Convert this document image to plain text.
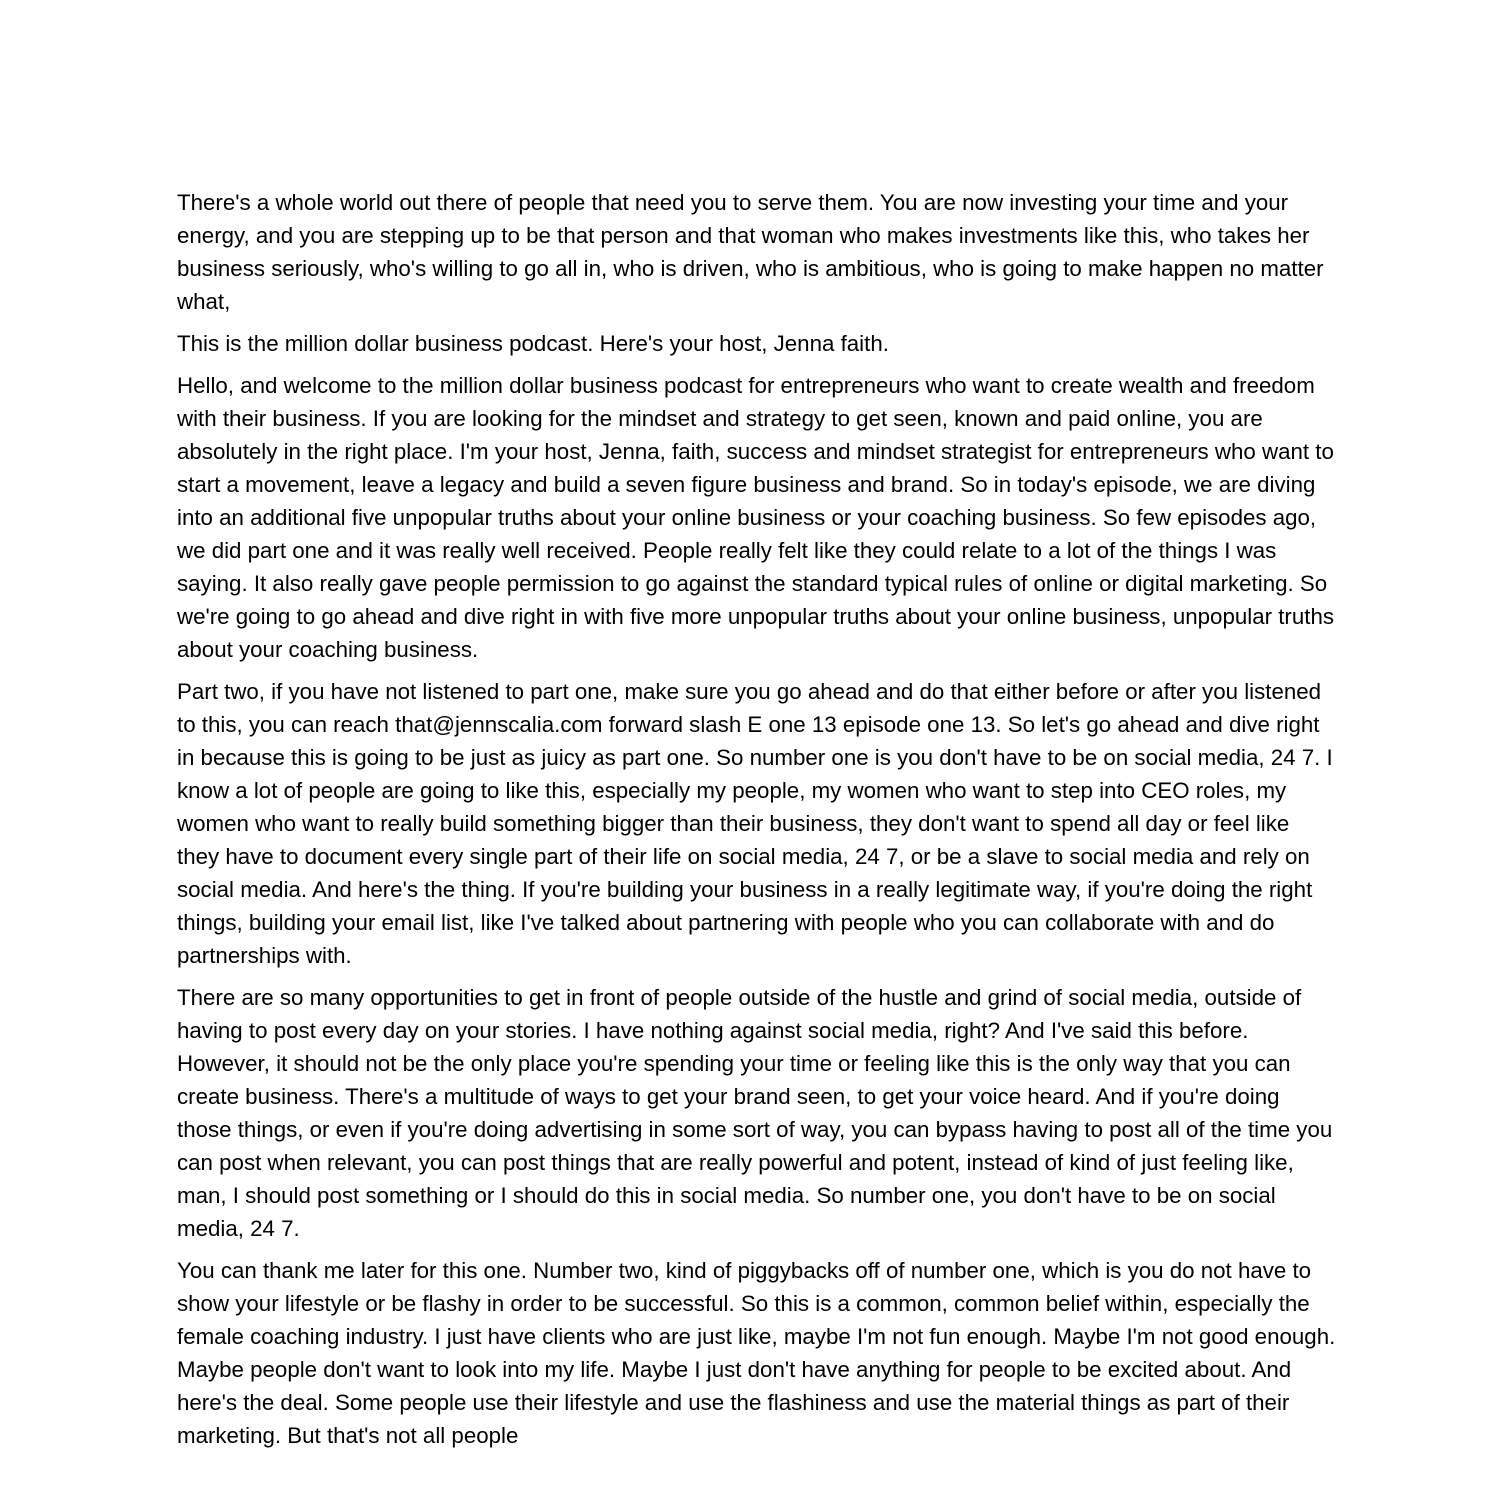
There's a whole world out there of people that need you to serve them. You are now investing your time and your energy, and you are stepping up to be that person and that woman who makes investments like this, who takes her business seriously, who's willing to go all in, who is driven, who is ambitious, who is going to make happen no matter what,

This is the million dollar business podcast. Here's your host, Jenna faith.

Hello, and welcome to the million dollar business podcast for entrepreneurs who want to create wealth and freedom with their business. If you are looking for the mindset and strategy to get seen, known and paid online, you are absolutely in the right place. I'm your host, Jenna, faith, success and mindset strategist for entrepreneurs who want to start a movement, leave a legacy and build a seven figure business and brand. So in today's episode, we are diving into an additional five unpopular truths about your online business or your coaching business. So few episodes ago, we did part one and it was really well received. People really felt like they could relate to a lot of the things I was saying. It also really gave people permission to go against the standard typical rules of online or digital marketing. So we're going to go ahead and dive right in with five more unpopular truths about your online business, unpopular truths about your coaching business.

Part two, if you have not listened to part one, make sure you go ahead and do that either before or after you listened to this, you can reach that@jennscalia.com forward slash E one 13 episode one 13. So let's go ahead and dive right in because this is going to be just as juicy as part one. So number one is you don't have to be on social media, 24 7. I know a lot of people are going to like this, especially my people, my women who want to step into CEO roles, my women who want to really build something bigger than their business, they don't want to spend all day or feel like they have to document every single part of their life on social media, 24 7, or be a slave to social media and rely on social media. And here's the thing. If you're building your business in a really legitimate way, if you're doing the right things, building your email list, like I've talked about partnering with people who you can collaborate with and do partnerships with.

There are so many opportunities to get in front of people outside of the hustle and grind of social media, outside of having to post every day on your stories. I have nothing against social media, right? And I've said this before. However, it should not be the only place you're spending your time or feeling like this is the only way that you can create business. There's a multitude of ways to get your brand seen, to get your voice heard. And if you're doing those things, or even if you're doing advertising in some sort of way, you can bypass having to post all of the time you can post when relevant, you can post things that are really powerful and potent, instead of kind of just feeling like, man, I should post something or I should do this in social media. So number one, you don't have to be on social media, 24 7.

You can thank me later for this one. Number two, kind of piggybacks off of number one, which is you do not have to show your lifestyle or be flashy in order to be successful. So this is a common, common belief within, especially the female coaching industry. I just have clients who are just like, maybe I'm not fun enough. Maybe I'm not good enough. Maybe people don't want to look into my life. Maybe I just don't have anything for people to be excited about. And here's the deal. Some people use their lifestyle and use the flashiness and use the material things as part of their marketing. But that's not all people
